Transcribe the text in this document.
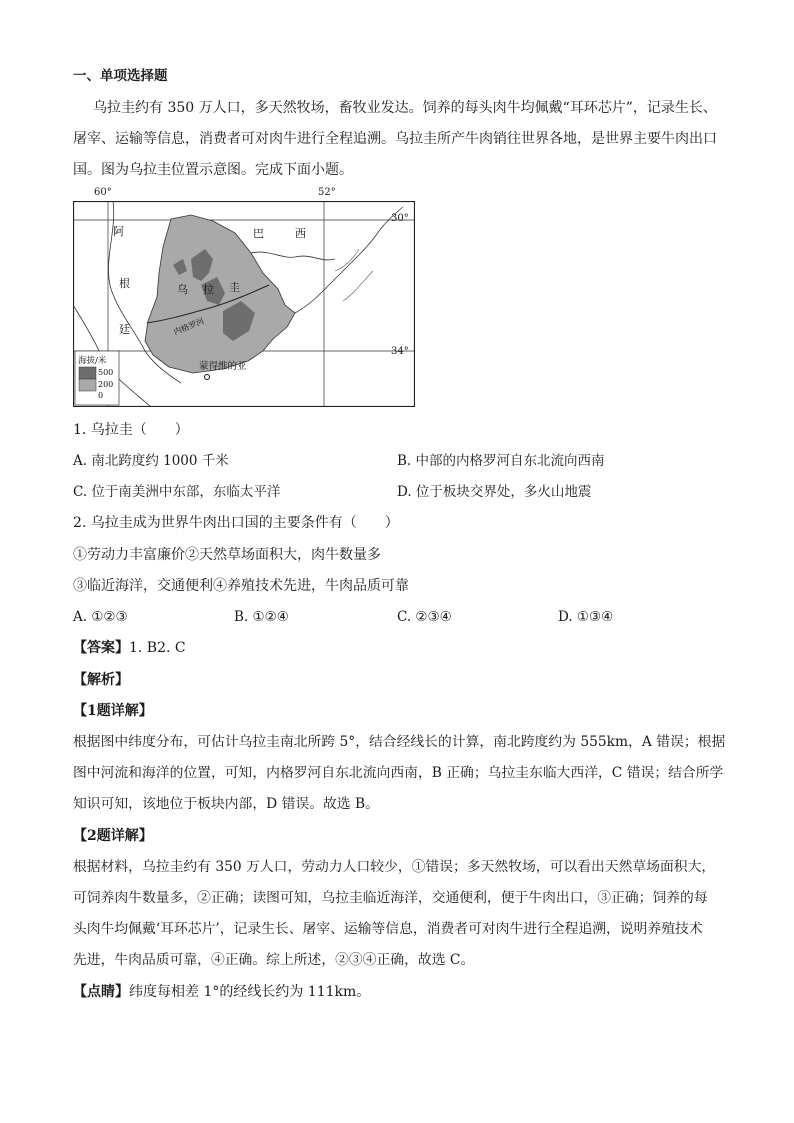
一、单项选择题
乌拉圭约有 350 万人口，多天然牧场，畜牧业发达。饲养的每头肉牛均佩戴“耳环芯片”，记录生长、
屠宰、运输等信息，消费者可对肉牛进行全程追溯。乌拉圭所产牛肉销往世界各地，是世界主要牛肉出口
国。图为乌拉圭位置示意图。完成下面小题。
阿
根
廷
巴	西
乌 拉 圭
内格罗河
蒙得维的亚
海拔/米
500
200
0
60°	52°
30°
34°
1. 乌拉圭（　　）
A. 南北跨度约 1000 千米	B. 中部的内格罗河自东北流向西南
C. 位于南美洲中东部，东临太平洋	D. 位于板块交界处，多火山地震
2. 乌拉圭成为世界牛肉出口国的主要条件有（　　）
①劳动力丰富廉价②天然草场面积大，肉牛数量多
③临近海洋，交通便利④养殖技术先进，牛肉品质可靠
A. ①②③	B. ①②④	C. ②③④	D. ①③④
【答案】1. B2. C
【解析】
【1题详解】
根据图中纬度分布，可估计乌拉圭南北所跨 5°，结合经线长的计算，南北跨度约为 555km，A 错误；根据
图中河流和海洋的位置，可知，内格罗河自东北流向西南，B 正确；乌拉圭东临大西洋，C 错误；结合所学
知识可知，该地位于板块内部，D 错误。故选 B。
【2题详解】
根据材料，乌拉圭约有 350 万人口，劳动力人口较少，①错误；多天然牧场，可以看出天然草场面积大，
可饲养肉牛数量多，②正确；读图可知，乌拉圭临近海洋，交通便利，便于牛肉出口，③正确；饲养的每
头肉牛均佩戴‘耳环芯片’，记录生长、屠宰、运输等信息，消费者可对肉牛进行全程追溯，说明养殖技术
先进，牛肉品质可靠，④正确。综上所述，②③④正确，故选 C。
【点睛】纬度每相差 1°的经线长约为 111km。
